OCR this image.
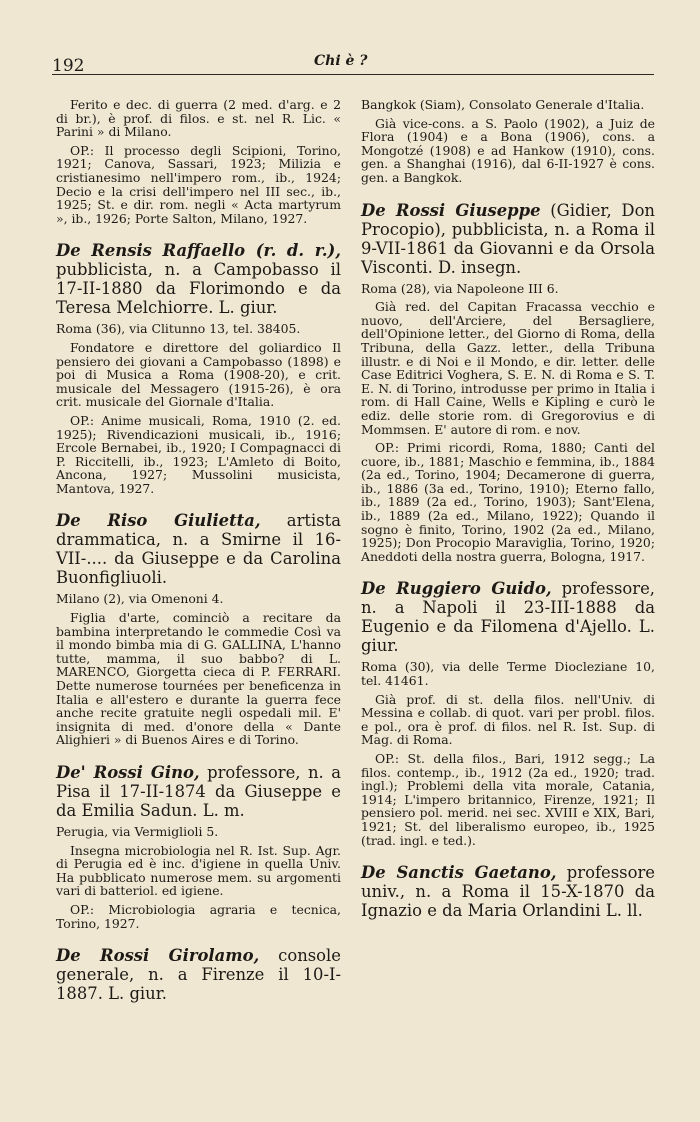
192	Chi è ?

Ferito e dec. di guerra (2 med. d'arg. e 2 di br.), è prof. di filos. e st. nel R. Lic. « Parini » di Milano.

OP.: Il processo degli Scipioni, Torino, 1921; Canova, Sassari, 1923; Milizia e cristianesimo nell'impero rom., ib., 1924; Decio e la crisi dell'impero nel III sec., ib., 1925; St. e dir. rom. negli « Acta martyrum », ib., 1926; Porte Salton, Milano, 1927.

De Rensis Raffaello (r. d. r.), pubblicista, n. a Campobasso il 17-II-1880 da Florimondo e da Teresa Melchiorre. L. giur.

Roma (36), via Clitunno 13, tel. 38405.

Fondatore e direttore del goliardico Il pensiero dei giovani a Campobasso (1898) e poi di Musica a Roma (1908-20), e crit. musicale del Messagero (1915-26), è ora crit. musicale del Giornale d'Italia.

OP.: Anime musicali, Roma, 1910 (2. ed. 1925); Rivendicazioni musicali, ib., 1916; Ercole Bernabei, ib., 1920; I Compagnacci di P. Riccitelli, ib., 1923; L'Amleto di Boito, Ancona, 1927; Mussolini musicista, Mantova, 1927.

De Riso Giulietta, artista drammatica, n. a Smirne il 16-VII-.... da Giuseppe e da Carolina Buonfigliuoli.

Milano (2), via Omenoni 4.

Figlia d'arte, cominciò a recitare da bambina interpretando le commedie Così va il mondo bimba mia di G. GALLINA, L'hanno tutte, mamma, il suo babbo? di L. MARENCO, Giorgetta cieca di P. FERRARI. Dette numerose tournées per beneficenza in Italia e all'estero e durante la guerra fece anche recite gratuite negli ospedali mil. E' insignita di med. d'onore della « Dante Alighieri » di Buenos Aires e di Torino.

De' Rossi Gino, professore, n. a Pisa il 17-II-1874 da Giuseppe e da Emilia Sadun. L. m.

Perugia, via Vermiglioli 5.

Insegna microbiologia nel R. Ist. Sup. Agr. di Perugia ed è inc. d'igiene in quella Univ. Ha pubblicato numerose mem. su argomenti vari di batteriol. ed igiene.

OP.: Microbiologia agraria e tecnica, Torino, 1927.

De Rossi Girolamo, console generale, n. a Firenze il 10-I-1887. L. giur.

Bangkok (Siam), Consolato Generale d'Italia.

Già vice-cons. a S. Paolo (1902), a Juiz de Flora (1904) e a Bona (1906), cons. a Mongotzé (1908) e ad Hankow (1910), cons. gen. a Shanghai (1916), dal 6-II-1927 è cons. gen. a Bangkok.

De Rossi Giuseppe (Gidier, Don Procopio), pubblicista, n. a Roma il 9-VII-1861 da Giovanni e da Orsola Visconti. D. insegn.

Roma (28), via Napoleone III 6.

Già red. del Capitan Fracassa vecchio e nuovo, dell'Arciere, del Bersagliere, dell'Opinione letter., del Giorno di Roma, della Tribuna, della Gazz. letter., della Tribuna illustr. e di Noi e il Mondo, e dir. letter. delle Case Editrici Voghera, S. E. N. di Roma e S. T. E. N. di Torino, introdusse per primo in Italia i rom. di Hall Caine, Wells e Kipling e curò le ediz. delle storie rom. di Gregorovius e di Mommsen. E' autore di rom. e nov.

OP.: Primi ricordi, Roma, 1880; Canti del cuore, ib., 1881; Maschio e femmina, ib., 1884 (2a ed., Torino, 1904; Decamerone di guerra, ib., 1886 (3a ed., Torino, 1910); Eterno fallo, ib., 1889 (2a ed., Torino, 1903); Sant'Elena, ib., 1889 (2a ed., Milano, 1922); Quando il sogno è finito, Torino, 1902 (2a ed., Milano, 1925); Don Procopio Maraviglia, Torino, 1920; Aneddoti della nostra guerra, Bologna, 1917.

De Ruggiero Guido, professore, n. a Napoli il 23-III-1888 da Eugenio e da Filomena d'Ajello. L. giur.

Roma (30), via delle Terme Diocleziane 10, tel. 41461.

Già prof. di st. della filos. nell'Univ. di Messina e collab. di quot. vari per probl. filos. e pol., ora è prof. di filos. nel R. Ist. Sup. di Mag. di Roma.

OP.: St. della filos., Bari, 1912 segg.; La filos. contemp., ib., 1912 (2a ed., 1920; trad. ingl.); Problemi della vita morale, Catania, 1914; L'impero britannico, Firenze, 1921; Il pensiero pol. merid. nei sec. XVIII e XIX, Bari, 1921; St. del liberalismo europeo, ib., 1925 (trad. ingl. e ted.).

De Sanctis Gaetano, professore univ., n. a Roma il 15-X-1870 da Ignazio e da Maria Orlandini L. ll.
